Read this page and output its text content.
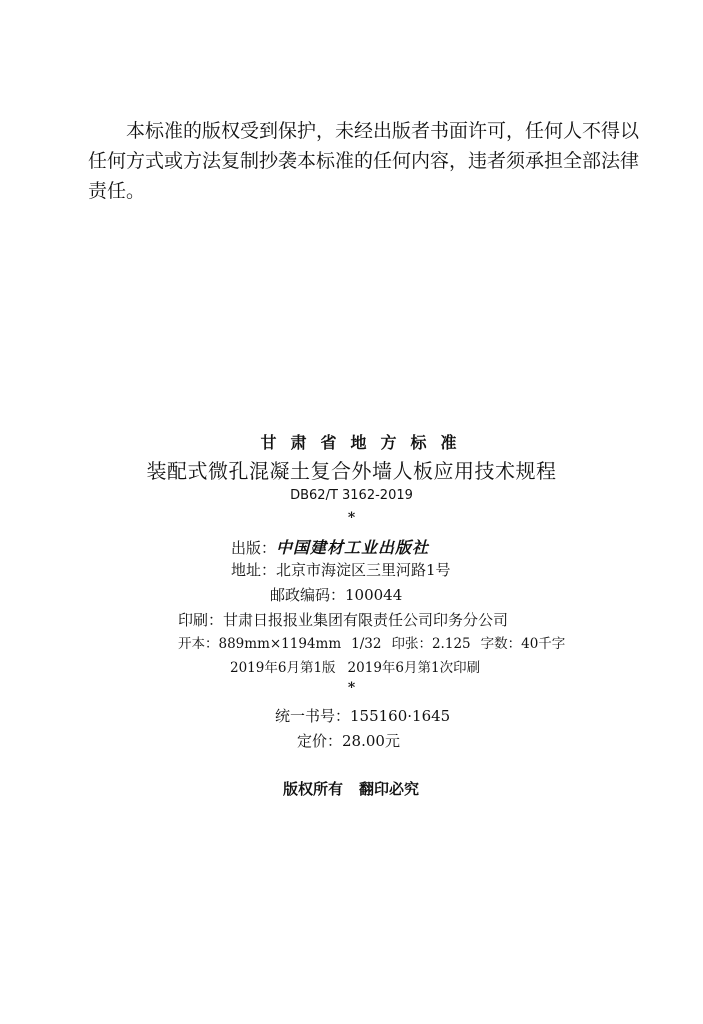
本标准的版权受到保护，未经出版者书面许可，任何人不得以任何方式或方法复制抄袭本标准的任何内容，违者须承担全部法律责任。

甘肃省地方标准

装配式微孔混凝土复合外墙人板应用技术规程

DB62/T 3162-2019

*

出版：中国建材工业出版社

地址：北京市海淀区三里河路1号

邮政编码：100044

印刷：甘肃日报报业集团有限责任公司印务分公司

开本：889mm×1194mm 1/32 印张：2.125 字数：40千字

2019年6月第1版 2019年6月第1次印刷

*

统一书号：155160·1645

定价：28.00元

版权所有 翻印必究
